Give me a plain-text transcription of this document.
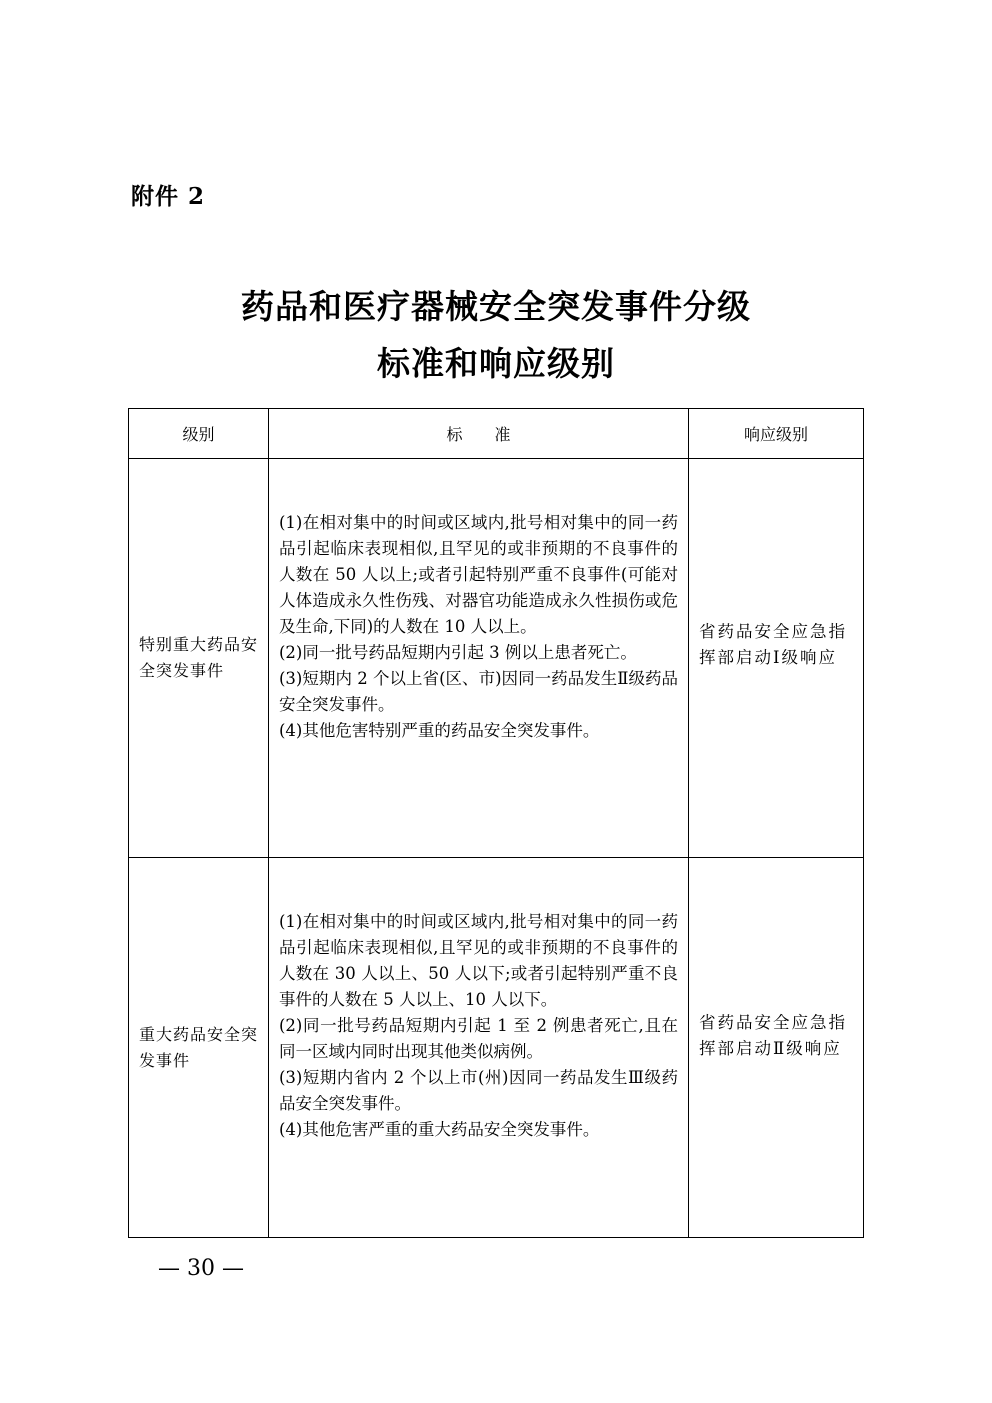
附件 2
药品和医疗器械安全突发事件分级
标准和响应级别
级别	标　　准	响应级别
特别重大药品安全突发事件	(1)在相对集中的时间或区域内,批号相对集中的同一药品引起临床表现相似,且罕见的或非预期的不良事件的人数在 50 人以上;或者引起特别严重不良事件(可能对人体造成永久性伤残、对器官功能造成永久性损伤或危及生命,下同)的人数在 10 人以上。

(2)同一批号药品短期内引起 3 例以上患者死亡。

(3)短期内 2 个以上省(区、市)因同一药品发生Ⅱ级药品安全突发事件。

(4)其他危害特别严重的药品安全突发事件。	省药品安全应急指挥部启动Ⅰ级响应
重大药品安全突发事件	(1)在相对集中的时间或区域内,批号相对集中的同一药品引起临床表现相似,且罕见的或非预期的不良事件的人数在 30 人以上、50 人以下;或者引起特别严重不良事件的人数在 5 人以上、10 人以下。

(2)同一批号药品短期内引起 1 至 2 例患者死亡,且在同一区域内同时出现其他类似病例。

(3)短期内省内 2 个以上市(州)因同一药品发生Ⅲ级药品安全突发事件。

(4)其他危害严重的重大药品安全突发事件。	省药品安全应急指挥部启动Ⅱ级响应
— 30 —
